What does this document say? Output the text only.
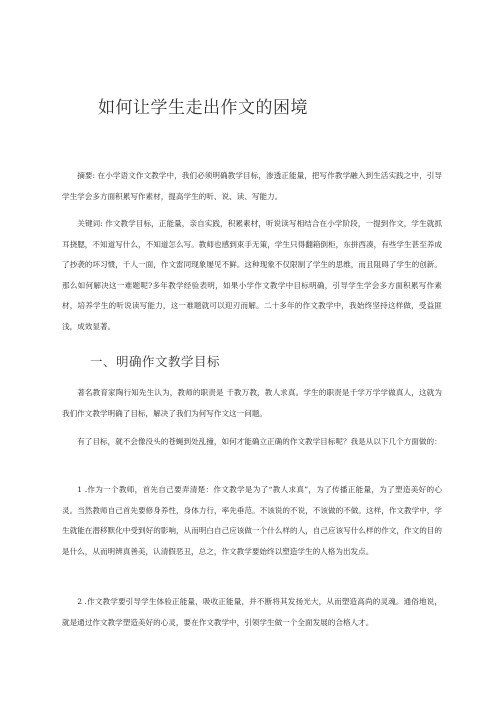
如何让学生走出作文的困境

摘要: 在小学语文作文教学中，我们必须明确教学目标，渗透正能量，把写作教学融入到生活实践之中，引导学生学会多方面积累写作素材，提高学生的听、说、读、写能力。

关键词: 作文教学目标，正能量，亲自实践，积累素材，听说读写相结合在小学阶段，一提到作文，学生就抓耳挠腮，不知道写什么，不知道怎么写。教师也感到束手无策，学生只得翻箱倒柜，东拼西凑，有些学生甚至养成了抄袭的坏习惯，千人一面，作文雷同现象屡见不鲜。这种现象不仅限制了学生的思维，而且阻碍了学生的创新。那么如何解决这一难题呢?多年教学经验表明，如果小学作文教学中目标明确，引导学生学会多方面积累写作素材，培养学生的听说读写能力，这一难题就可以迎刃而解。二十多年的作文教学中，我始终坚持这样做，受益匪浅，成效显著。

一、明确作文教学目标

著名教育家陶行知先生认为，教师的职责是 千教万教，教人求真。学生的职责是千学万学学做真人，这就为我们作文教学明确了目标，解决了我们为何写作文这一问题。

有了目标，就不会像没头的苍蝇到处乱撞，如何才能确立正确的作文教学目标呢？我是从以下几个方面做的：

1 .作为一个教师，首先自己要弄清楚：作文教学是为了“教人求真”，为了传播正能量，为了塑造美好的心灵。当然教师自己首先要修身养性，身体力行，率先垂范。不该说的不说，不该做的不做。这样，作文教学中，学生就能在潜移默化中受到好的影响，从而明白自己应该做一个什么样的人，自己应该写什么样的作文，作文的目的是什么，从而明辨真善美，认清假恶丑，总之，作文教学要始终以塑造学生的人格为出发点。

2 .作文教学要引导学生体验正能量，吸收正能量，并不断将其发扬光大，从而塑造高尚的灵魂。通俗地说，就是通过作文教学塑造美好的心灵，要在作文教学中，引领学生做一个全面发展的合格人才。
